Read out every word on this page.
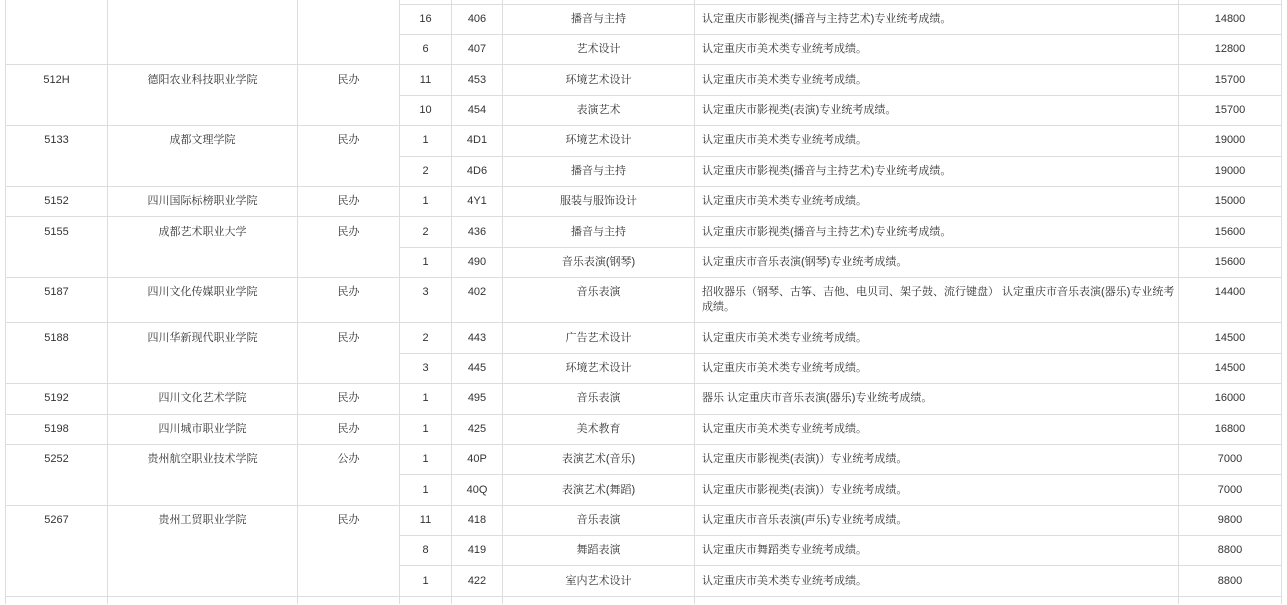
			16	406	播音与主持	认定重庆市影视类(播音与主持艺术)专业统考成绩。	14800
			6	407	艺术设计	认定重庆市美术类专业统考成绩。	12800
512H	德阳农业科技职业学院	民办	11	453	环境艺术设计	认定重庆市美术类专业统考成绩。	15700
			10	454	表演艺术	认定重庆市影视类(表演)专业统考成绩。	15700
5133	成都文理学院	民办	1	4D1	环境艺术设计	认定重庆市美术类专业统考成绩。	19000
			2	4D6	播音与主持	认定重庆市影视类(播音与主持艺术)专业统考成绩。	19000
5152	四川国际标榜职业学院	民办	1	4Y1	服装与服饰设计	认定重庆市美术类专业统考成绩。	15000
5155	成都艺术职业大学	民办	2	436	播音与主持	认定重庆市影视类(播音与主持艺术)专业统考成绩。	15600
			1	490	音乐表演(钢琴)	认定重庆市音乐表演(钢琴)专业统考成绩。	15600
5187	四川文化传媒职业学院	民办	3	402	音乐表演	招收器乐（钢琴、古筝、吉他、电贝司、架子鼓、流行键盘） 认定重庆市音乐表演(器乐)专业统考成绩。	14400
5188	四川华新现代职业学院	民办	2	443	广告艺术设计	认定重庆市美术类专业统考成绩。	14500
			3	445	环境艺术设计	认定重庆市美术类专业统考成绩。	14500
5192	四川文化艺术学院	民办	1	495	音乐表演	器乐 认定重庆市音乐表演(器乐)专业统考成绩。	16000
5198	四川城市职业学院	民办	1	425	美术教育	认定重庆市美术类专业统考成绩。	16800
5252	贵州航空职业技术学院	公办	1	40P	表演艺术(音乐)	认定重庆市影视类(表演)）专业统考成绩。	7000
			1	40Q	表演艺术(舞蹈)	认定重庆市影视类(表演)）专业统考成绩。	7000
5267	贵州工贸职业学院	民办	11	418	音乐表演	认定重庆市音乐表演(声乐)专业统考成绩。	9800
			8	419	舞蹈表演	认定重庆市舞蹈类专业统考成绩。	8800
			1	422	室内艺术设计	认定重庆市美术类专业统考成绩。	8800
